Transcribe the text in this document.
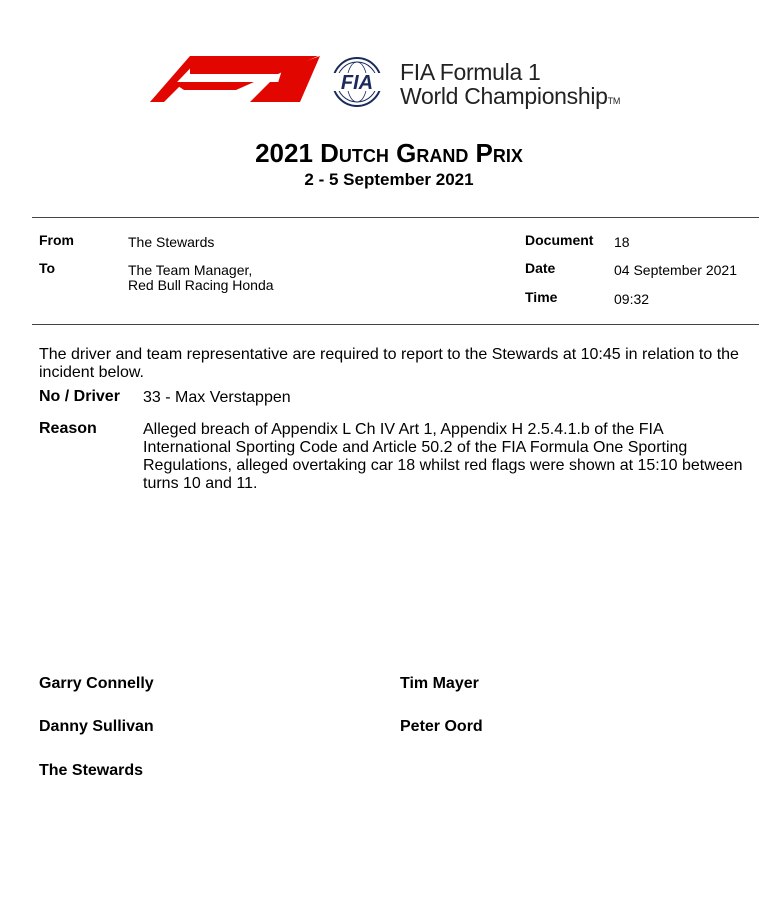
FIA FIA Formula 1
World ChampionshipTM
2021 Dutch Grand Prix
2 - 5 September 2021
From	The Stewards
To	The Team Manager,
Red Bull Racing Honda
Document 18
Date	04 September 2021
Time	09:32
The driver and team representative are required to report to the Stewards at 10:45 in relation to the incident below.
No / Driver 33 - Max Verstappen
Reason	Alleged breach of Appendix L Ch IV Art 1, Appendix H 2.5.4.1.b of the FIA International Sporting Code and Article 50.2 of the FIA Formula One Sporting Regulations, alleged overtaking car 18 whilst red flags were shown at 15:10 between turns 10 and 11.
Garry Connelly	Tim Mayer
Danny Sullivan	Peter Oord
The Stewards
